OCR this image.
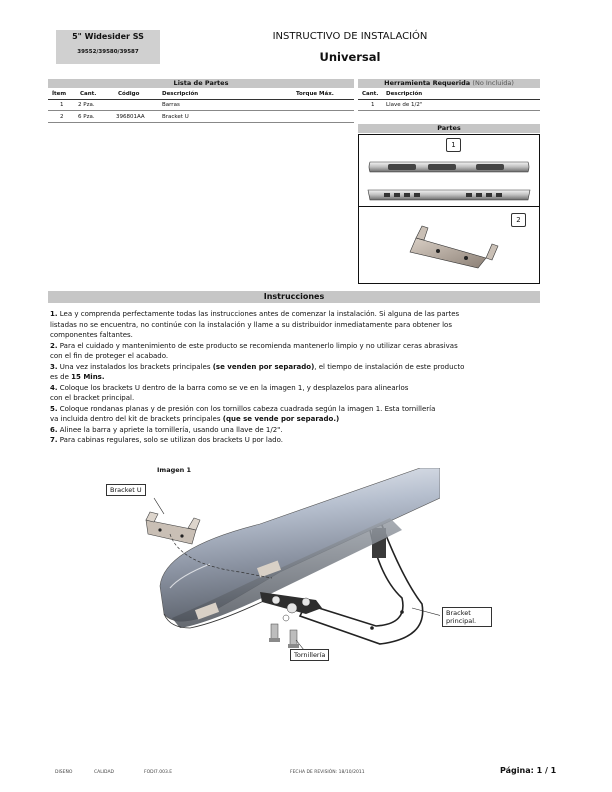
5" Widesider SS
39552/39580/39587
INSTRUCTIVO DE INSTALACIÓN
Universal
Lista de Partes
Ítem	Cant.	Código	Descripción	Torque Máx.
1	2 Pza.	Barras
2	6 Pza.	396801AA	Bracket U
Herramienta Requerida (No Incluida)
Cant. Descripción
1 Llave de 1/2"
Partes
1
2
Instrucciones
1. Lea y comprenda perfectamente todas las instrucciones antes de comenzar la instalación. Si alguna de las partes
listadas no se encuentra, no continúe con la instalación y llame a su distribuidor inmediatamente para obtener los
componentes faltantes.
2. Para el cuidado y mantenimiento de este producto se recomienda mantenerlo limpio y no utilizar ceras abrasivas
con el fin de proteger el acabado.
3. Una vez instalados los brackets principales (se venden por separado), el tiempo de instalación de este producto
es de 15 Mins.
4. Coloque los brackets U dentro de la barra como se ve en la imagen 1, y desplazelos para alinearlos
con el bracket principal.
5. Coloque rondanas planas y de presión con los tornillos cabeza cuadrada según la imagen 1. Esta tornillería
va incluida dentro del kit de brackets principales (que se vende por separado.)
6. Alinee la barra y apriete la tornillería, usando una llave de 1/2".
7. Para cabinas regulares, solo se utilizan dos brackets U por lado.
Imagen 1
Bracket U
Bracket
principal.
Tornillería
DISEÑO	CALIDAD	FODI7.003.E	FECHA DE REVISIÓN: 18/10/2011	Página: 1 / 1
